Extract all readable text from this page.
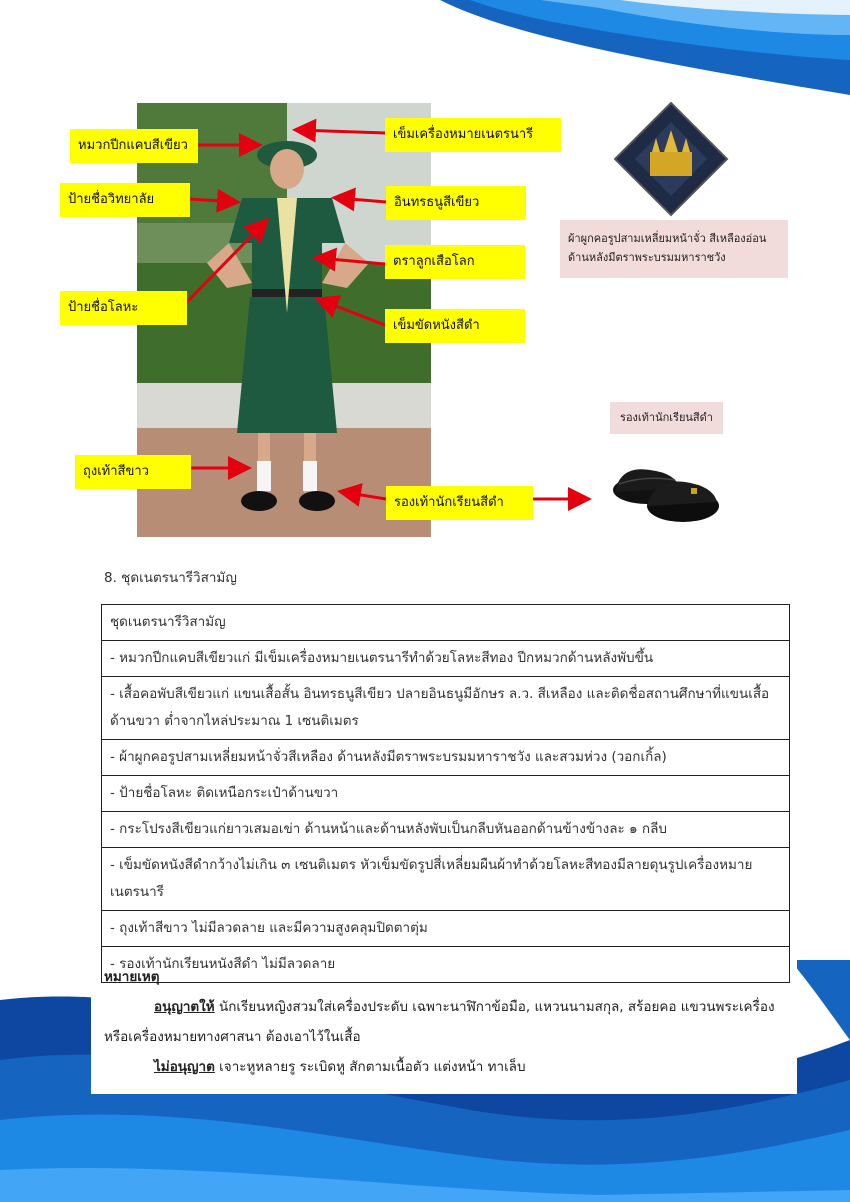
หมวกปีกแคบสีเขียว
เข็มเครื่องหมายเนตรนารี
ป้ายชื่อวิทยาลัย	อินทรธนูสีเขียว
ตราลูกเสือโลก
ป้ายชื่อโลหะ
เข็มขัดหนังสีดำ
ถุงเท้าสีขาว
รองเท้านักเรียนสีดำ
ผ้าผูกคอรูปสามเหลี่ยมหน้าจั่ว สีเหลืองอ่อน ด้านหลังมีตราพระบรมมหาราชวัง
รองเท้านักเรียนสีดำ
8. ชุดเนตรนารีวิสามัญ
ชุดเนตรนารีวิสามัญ
- หมวกปีกแคบสีเขียวแก่ มีเข็มเครื่องหมายเนตรนารีทำด้วยโลหะสีทอง ปีกหมวกด้านหลังพับขึ้น
- เสื้อคอพับสีเขียวแก่ แขนเสื้อสั้น อินทรธนูสีเขียว ปลายอินธนูมีอักษร ล.ว. สีเหลือง และติดชื่อสถานศึกษาที่แขนเสื้อด้านขวา ต่ำจากไหล่ประมาณ 1 เซนติเมตร
- ผ้าผูกคอรูปสามเหลี่ยมหน้าจั่วสีเหลือง ด้านหลังมีตราพระบรมมหาราชวัง และสวมห่วง (วอกเกิ้ล)
- ป้ายชื่อโลหะ ติดเหนือกระเป๋าด้านขวา
- กระโปรงสีเขียวแก่ยาวเสมอเข่า ด้านหน้าและด้านหลังพับเป็นกลีบหันออกด้านข้างข้างละ ๑ กลีบ
- เข็มขัดหนังสีดำกว้างไม่เกิน ๓ เซนติเมตร หัวเข็มขัดรูปสี่เหลี่ยมผืนผ้าทำด้วยโลหะสีทองมีลายดุนรูปเครื่องหมายเนตรนารี
- ถุงเท้าสีขาว ไม่มีลวดลาย และมีความสูงคลุมปิดตาตุ่ม
- รองเท้านักเรียนหนังสีดำ ไม่มีลวดลาย
หมายเหตุ
อนุญาตให้ นักเรียนหญิงสวมใส่เครื่องประดับ เฉพาะนาฬิกาข้อมือ, แหวนนามสกุล, สร้อยคอ แขวนพระเครื่อง หรือเครื่องหมายทางศาสนา ต้องเอาไว้ในเสื้อ
ไม่อนุญาต เจาะหูหลายรู ระเบิดหู สักตามเนื้อตัว แต่งหน้า ทาเล็บ
